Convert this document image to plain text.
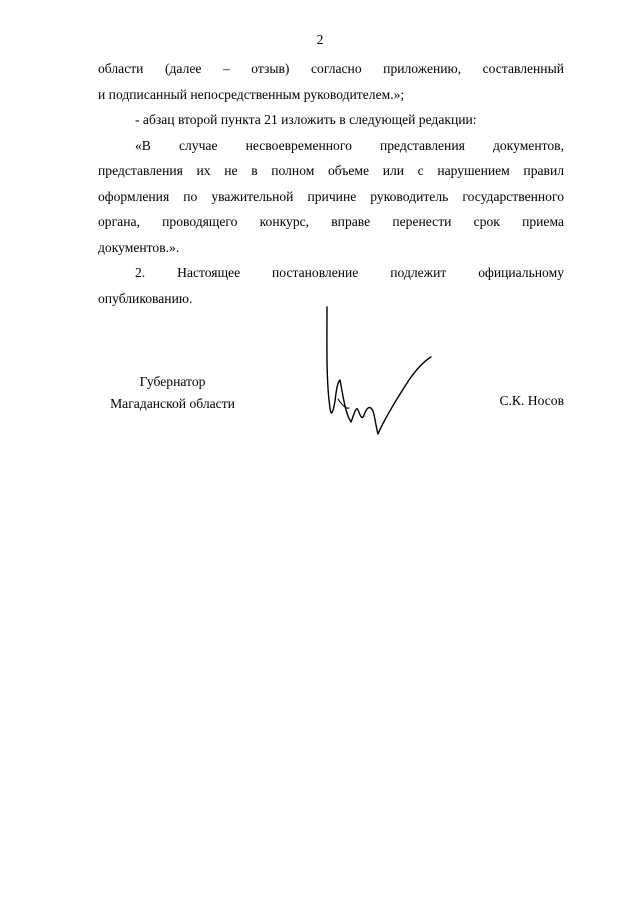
2
области (далее – отзыв) согласно приложению, составленный
и подписанный непосредственным руководителем.»;
- абзац второй пункта 21 изложить в следующей редакции:
«В случае несвоевременного представления документов,
представления их не в полном объеме или с нарушением правил
оформления по уважительной причине руководитель государственного
органа, проводящего конкурс, вправе перенести срок приема
документов.».
2. Настоящее постановление подлежит официальному
опубликованию.
Губернатор
Магаданской области	С.К. Носов
